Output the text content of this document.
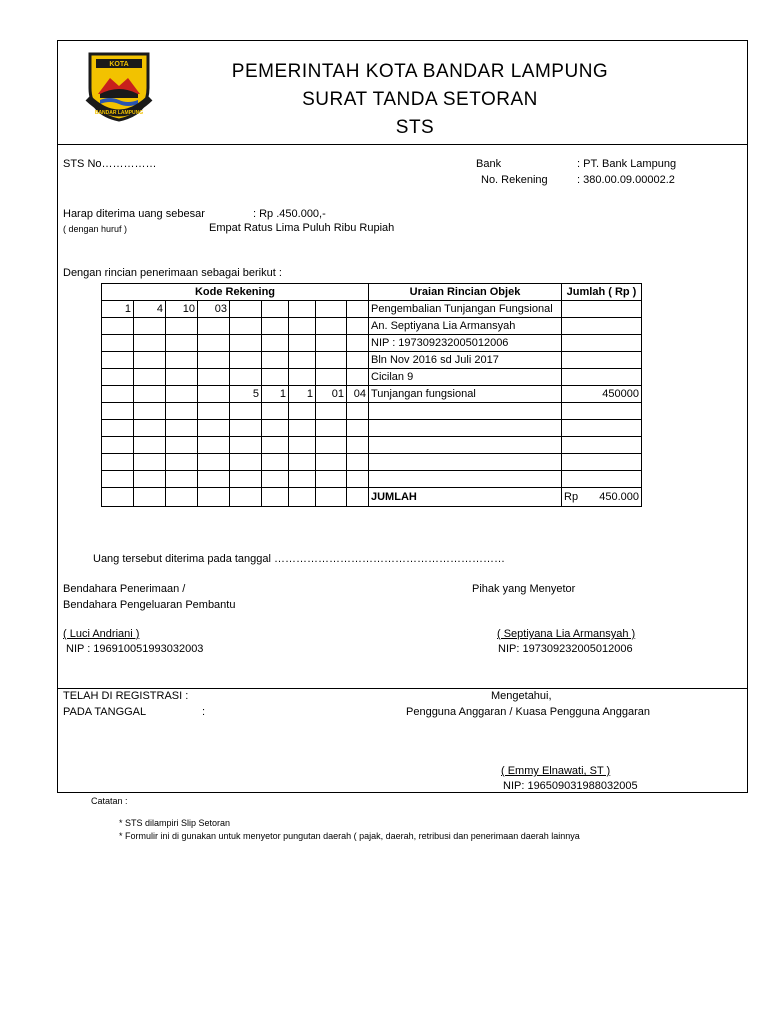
KOTA
BANDAR LAMPUNG
PEMERINTAH KOTA BANDAR LAMPUNG
SURAT TANDA SETORAN
STS
STS No……………	Bank	: PT. Bank Lampung
No. Rekening	: 380.00.09.00002.2
Harap diterima uang sebesar	: Rp .450.000,-
( dengan huruf )	Empat Ratus Lima Puluh Ribu Rupiah
Dengan rincian penerimaan sebagai berikut :
Kode Rekening									Uraian Rincian Objek	Jumlah ( Rp )
1	4	10	03						Pengembalian Tunjangan Fungsional	
									An. Septiyana Lia Armansyah	
									NIP : 197309232005012006	
									Bln Nov 2016 sd Juli 2017	
									Cicilan 9	
				5	1	1	01	04	Tunjangan fungsional	450000

									JUMLAH	Rp 450.000
Uang tersebut diterima pada tanggal ………………………………………………………
Bendahara Penerimaan /
Bendahara Pengeluaran Pembantu
Pihak yang Menyetor
( Luci Andriani )
NIP : 196910051993032003
( Septiyana Lia Armansyah )
NIP: 197309232005012006
TELAH DI REGISTRASI :
PADA TANGGAL	:
Mengetahui,
Pengguna Anggaran / Kuasa Pengguna Anggaran
( Emmy Elnawati, ST )
NIP: 196509031988032005
Catatan :
* STS dilampiri Slip Setoran
* Formulir ini di gunakan untuk menyetor pungutan daerah ( pajak, daerah, retribusi dan penerimaan daerah lainnya
